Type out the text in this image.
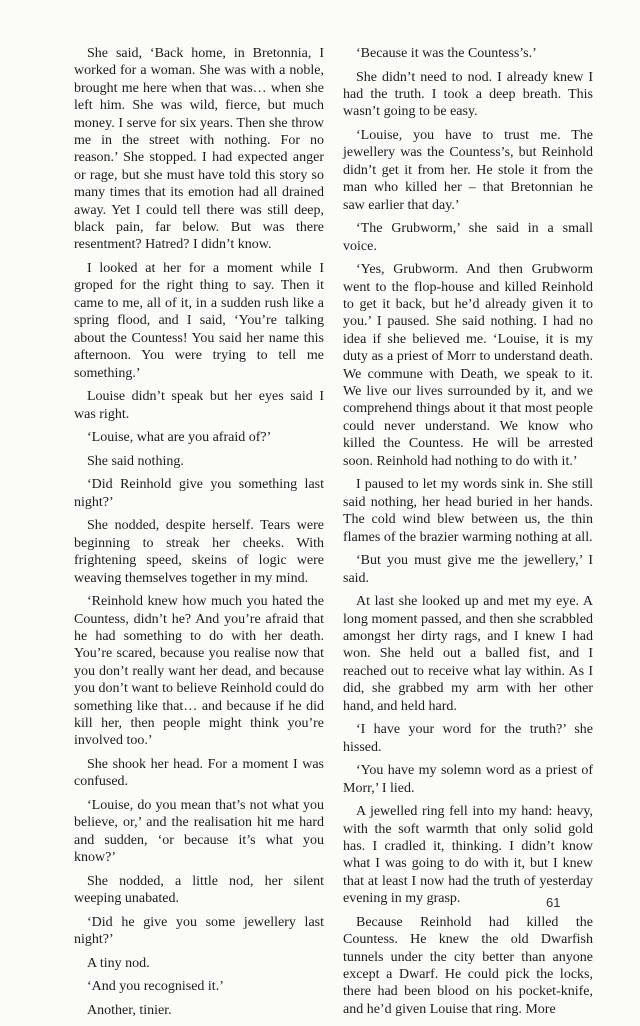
She said, ‘Back home, in Bretonnia, I worked for a woman. She was with a noble, brought me here when that was… when she left him. She was wild, fierce, but much money. I serve for six years. Then she throw me in the street with nothing. For no reason.’ She stopped. I had expected anger or rage, but she must have told this story so many times that its emotion had all drained away. Yet I could tell there was still deep, black pain, far below. But was there resentment? Hatred? I didn’t know.

I looked at her for a moment while I groped for the right thing to say. Then it came to me, all of it, in a sudden rush like a spring flood, and I said, ‘You’re talking about the Countess! You said her name this afternoon. You were trying to tell me something.’

Louise didn’t speak but her eyes said I was right.

‘Louise, what are you afraid of?’

She said nothing.

‘Did Reinhold give you something last night?’

She nodded, despite herself. Tears were beginning to streak her cheeks. With frightening speed, skeins of logic were weaving themselves together in my mind.

‘Reinhold knew how much you hated the Countess, didn’t he? And you’re afraid that he had something to do with her death. You’re scared, because you realise now that you don’t really want her dead, and because you don’t want to believe Reinhold could do something like that… and because if he did kill her, then people might think you’re involved too.’

She shook her head. For a moment I was confused.

‘Louise, do you mean that’s not what you believe, or,’ and the realisation hit me hard and sudden, ‘or because it’s what you know?’

She nodded, a little nod, her silent weeping unabated.

‘Did he give you some jewellery last night?’

A tiny nod.

‘And you recognised it.’

Another, tinier.

‘Because it was the Countess’s.’

She didn’t need to nod. I already knew I had the truth. I took a deep breath. This wasn’t going to be easy.

‘Louise, you have to trust me. The jewellery was the Countess’s, but Reinhold didn’t get it from her. He stole it from the man who killed her – that Bretonnian he saw earlier that day.’

‘The Grubworm,’ she said in a small voice.

‘Yes, Grubworm. And then Grubworm went to the flop-house and killed Reinhold to get it back, but he’d already given it to you.’ I paused. She said nothing. I had no idea if she believed me. ‘Louise, it is my duty as a priest of Morr to understand death. We commune with Death, we speak to it. We live our lives surrounded by it, and we comprehend things about it that most people could never understand. We know who killed the Countess. He will be arrested soon. Reinhold had nothing to do with it.’

I paused to let my words sink in. She still said nothing, her head buried in her hands. The cold wind blew between us, the thin flames of the brazier warming nothing at all.

‘But you must give me the jewellery,’ I said.

At last she looked up and met my eye. A long moment passed, and then she scrabbled amongst her dirty rags, and I knew I had won. She held out a balled fist, and I reached out to receive what lay within. As I did, she grabbed my arm with her other hand, and held hard.

‘I have your word for the truth?’ she hissed.

‘You have my solemn word as a priest of Morr,’ I lied.

A jewelled ring fell into my hand: heavy, with the soft warmth that only solid gold has. I cradled it, thinking. I didn’t know what I was going to do with it, but I knew that at least I now had the truth of yesterday evening in my grasp.

Because Reinhold had killed the Countess. He knew the old Dwarfish tunnels under the city better than anyone except a Dwarf. He could pick the locks, there had been blood on his pocket-knife, and he’d given Louise that ring. More

61
